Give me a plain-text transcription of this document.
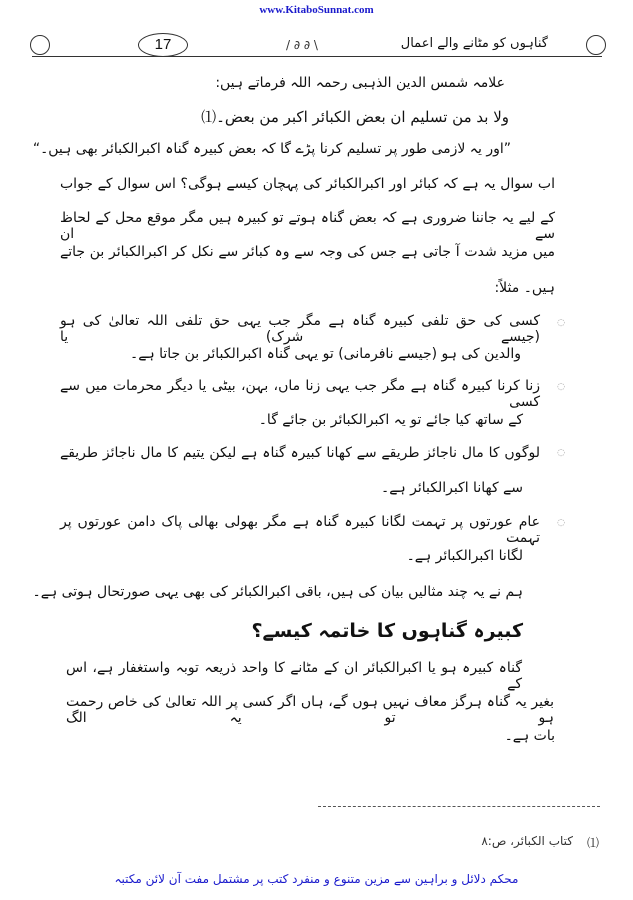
www.KitaboSunnat.com
17	/ ∂ ∂ \	گناہوں کو مٹانے والے اعمال
علامہ شمس الدین الذہبی رحمہ اللہ فرماتے ہیں:
ولا بد من تسلیم ان بعض الکبائر اکبر من بعض۔⑴
”اور یہ لازمی طور پر تسلیم کرنا پڑے گا کہ بعض کبیرہ گناہ اکبرالکبائر بھی ہیں۔“
اب سوال یہ ہے کہ کبائر اور اکبرالکبائر کی پہچان کیسے ہوگی؟ اس سوال کے جواب
کے لیے یہ جاننا ضروری ہے کہ بعض گناہ ہوتے تو کبیرہ ہیں مگر موقع محل کے لحاظ سے ان
میں مزید شدت آ جاتی ہے جس کی وجہ سے وہ کبائر سے نکل کر اکبرالکبائر بن جاتے
ہیں۔ مثلاً:
◌
کسی کی حق تلفی کبیرہ گناہ ہے مگر جب یہی حق تلفی اللہ تعالیٰ کی ہو (جیسے شرک) یا
والدین کی ہو (جیسے نافرمانی) تو یہی گناہ اکبرالکبائر بن جاتا ہے۔
◌
زنا کرنا کبیرہ گناہ ہے مگر جب یہی زنا ماں، بہن، بیٹی یا دیگر محرمات میں سے کسی
کے ساتھ کیا جائے تو یہ اکبرالکبائر بن جائے گا۔
◌
لوگوں کا مال ناجائز طریقے سے کھانا کبیرہ گناہ ہے لیکن یتیم کا مال ناجائز طریقے
سے کھانا اکبرالکبائر ہے۔
◌
عام عورتوں پر تہمت لگانا کبیرہ گناہ ہے مگر بھولی بھالی پاک دامن عورتوں پر تہمت
لگانا اکبرالکبائر ہے۔
ہم نے یہ چند مثالیں بیان کی ہیں، باقی اکبرالکبائر کی بھی یہی صورتحال ہوتی ہے۔
کبیرہ گناہوں کا خاتمہ کیسے؟
گناہ کبیرہ ہو یا اکبرالکبائر ان کے مٹانے کا واحد ذریعہ توبہ واستغفار ہے، اس کے
بغیر یہ گناہ ہرگز معاف نہیں ہوں گے، ہاں اگر کسی پر اللہ تعالیٰ کی خاص رحمت ہو تو یہ الگ
بات ہے۔
⑴
کتاب الکبائر، ص:۸
محکم دلائل و براہین سے مزین متنوع و منفرد کتب پر مشتمل مفت آن لائن مکتبہ
